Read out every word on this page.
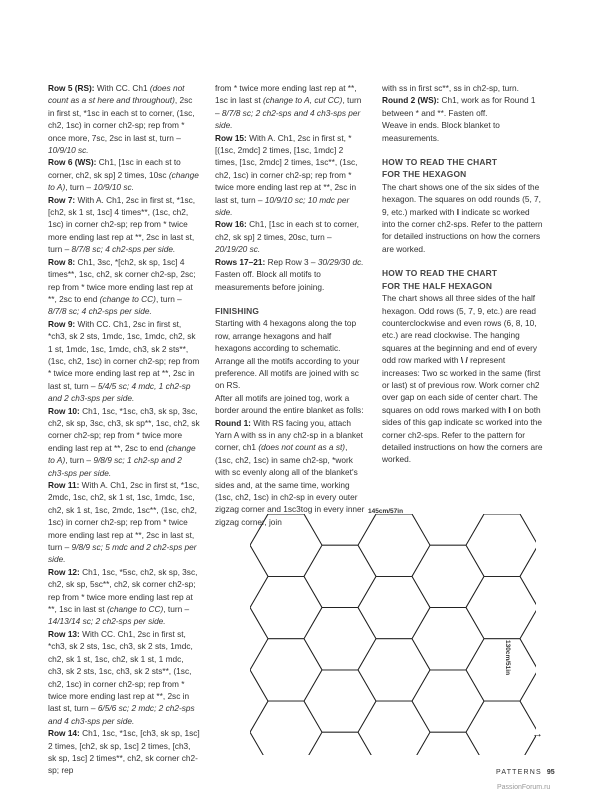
Row 5 (RS): With CC. Ch1 (does not count as a st here and throughout), 2sc in first st, *1sc in each st to corner, (1sc, ch2, 1sc) in corner ch2-sp; rep from * once more, 7sc, 2sc in last st, turn – 10/9/10 sc.
Row 6 (WS): Ch1, [1sc in each st to corner, ch2, sk sp] 2 times, 10sc (change to A), turn – 10/9/10 sc.
Row 7: With A. Ch1, 2sc in first st, *1sc, [ch2, sk 1 st, 1sc] 4 times**, (1sc, ch2, 1sc) in corner ch2-sp; rep from * twice more ending last rep at **, 2sc in last st, turn – 8/7/8 sc; 4 ch2-sps per side.
Row 8: Ch1, 3sc, *[ch2, sk sp, 1sc] 4 times**, 1sc, ch2, sk corner ch2-sp, 2sc; rep from * twice more ending last rep at **, 2sc to end (change to CC), turn – 8/7/8 sc; 4 ch2-sps per side.
Row 9: With CC. Ch1, 2sc in first st, *ch3, sk 2 sts, 1mdc, 1sc, 1mdc, ch2, sk 1 st, 1mdc, 1sc, 1mdc, ch3, sk 2 sts**, (1sc, ch2, 1sc) in corner ch2-sp; rep from * twice more ending last rep at **, 2sc in last st, turn – 5/4/5 sc; 4 mdc, 1 ch2-sp and 2 ch3-sps per side.
Row 10: Ch1, 1sc, *1sc, ch3, sk sp, 3sc, ch2, sk sp, 3sc, ch3, sk sp**, 1sc, ch2, sk corner ch2-sp; rep from * twice more ending last rep at **, 2sc to end (change to A), turn – 9/8/9 sc; 1 ch2-sp and 2 ch3-sps per side.
Row 11: With A. Ch1, 2sc in first st, *1sc, 2mdc, 1sc, ch2, sk 1 st, 1sc, 1mdc, 1sc, ch2, sk 1 st, 1sc, 2mdc, 1sc**, (1sc, ch2, 1sc) in corner ch2-sp; rep from * twice more ending last rep at **, 2sc in last st, turn – 9/8/9 sc; 5 mdc and 2 ch2-sps per side.
Row 12: Ch1, 1sc, *5sc, ch2, sk sp, 3sc, ch2, sk sp, 5sc**, ch2, sk corner ch2-sp; rep from * twice more ending last rep at **, 1sc in last st (change to CC), turn – 14/13/14 sc; 2 ch2-sps per side.
Row 13: With CC. Ch1, 2sc in first st, *ch3, sk 2 sts, 1sc, ch3, sk 2 sts, 1mdc, ch2, sk 1 st, 1sc, ch2, sk 1 st, 1 mdc, ch3, sk 2 sts, 1sc, ch3, sk 2 sts**, (1sc, ch2, 1sc) in corner ch2-sp; rep from * twice more ending last rep at **, 2sc in last st, turn – 6/5/6 sc; 2 mdc; 2 ch2-sps and 4 ch3-sps per side.
Row 14: Ch1, 1sc, *1sc, [ch3, sk sp, 1sc] 2 times, [ch2, sk sp, 1sc] 2 times, [ch3, sk sp, 1sc] 2 times**, ch2, sk corner ch2-sp; rep
from * twice more ending last rep at **, 1sc in last st (change to A, cut CC), turn – 8/7/8 sc; 2 ch2-sps and 4 ch3-sps per side.
Row 15: With A. Ch1, 2sc in first st, *[(1sc, 2mdc] 2 times, [1sc, 1mdc] 2 times, [1sc, 2mdc] 2 times, 1sc**, (1sc, ch2, 1sc) in corner ch2-sp; rep from * twice more ending last rep at **, 2sc in last st, turn – 10/9/10 sc; 10 mdc per side.
Row 16: Ch1, [1sc in each st to corner, ch2, sk sp] 2 times, 20sc, turn – 20/19/20 sc.
Rows 17–21: Rep Row 3 – 30/29/30 dc. Fasten off. Block all motifs to measurements before joining.
FINISHING
Starting with 4 hexagons along the top row, arrange hexagons and half hexagons according to schematic. Arrange all the motifs according to your preference. All motifs are joined with sc on RS.
After all motifs are joined tog, work a border around the entire blanket as folls:
Round 1: With RS facing you, attach Yarn A with ss in any ch2-sp in a blanket corner, ch1 (does not count as a st), (1sc, ch2, 1sc) in same ch2-sp, *work with sc evenly along all of the blanket's sides and, at the same time, working (1sc, ch2, 1sc) in ch2-sp in every outer zigzag corner and 1sc3tog in every inner zigzag corner, join
with ss in first sc**, ss in ch2-sp, turn.
Round 2 (WS): Ch1, work as for Round 1 between * and **. Fasten off.
Weave in ends. Block blanket to measurements.
HOW TO READ THE CHART
FOR THE HEXAGON
The chart shows one of the six sides of the hexagon. The squares on odd rounds (5, 7, 9, etc.) marked with I indicate sc worked into the corner ch2-sps. Refer to the pattern for detailed instructions on how the corners are worked.
HOW TO READ THE CHART
FOR THE HALF HEXAGON
The chart shows all three sides of the half hexagon. Odd rows (5, 7, 9, etc.) are read counterclockwise and even rows (6, 8, 10, etc.) are read clockwise. The hanging squares at the beginning and end of every odd row marked with \ / represent increases: Two sc worked in the same (first or last) st of previous row. Work corner ch2 over gap on each side of center chart. The squares on odd rows marked with I on both sides of this gap indicate sc worked into the corner ch2-sps. Refer to the pattern for detailed instructions on how the corners are worked.
145cm/57in
130cm/51in
→
PATTERNS 95
PassionForum.ru
